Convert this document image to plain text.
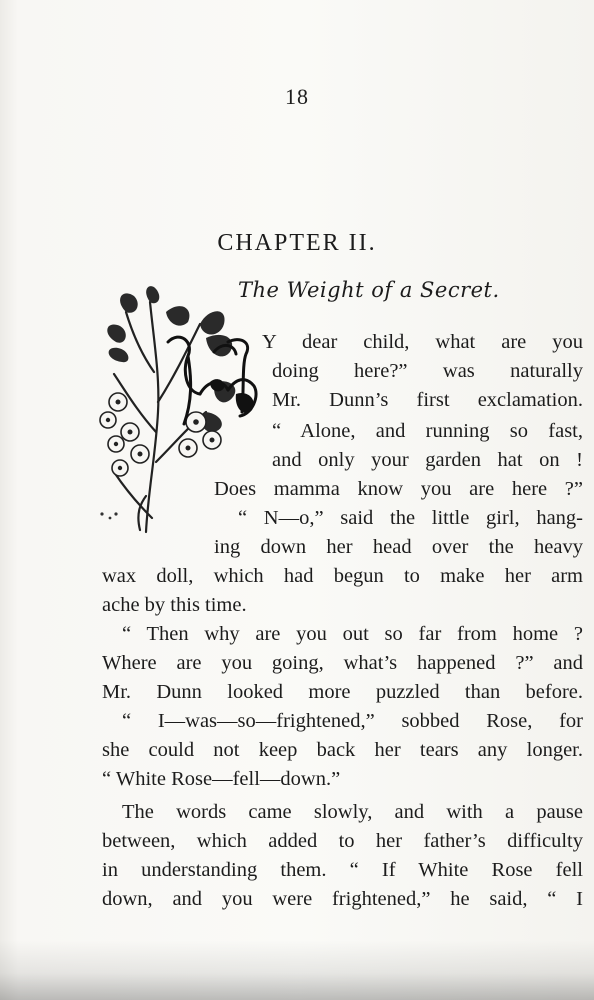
18
CHAPTER II.
The Weight of a Secret.
Y dear child, what are you
doing here?” was naturally
Mr. Dunn’s first exclamation.
“ Alone, and running so fast,
and only your garden hat on !
Does mamma know you are here ?”
“ N—o,” said the little girl, hang-
ing down her head over the heavy
wax doll, which had begun to make her arm
ache by this time.
“ Then why are you out so far from home ?
Where are you going, what’s happened ?” and
Mr. Dunn looked more puzzled than before.
“ I—was—so—frightened,” sobbed Rose, for
she could not keep back her tears any longer.
“ White Rose—fell—down.”
The words came slowly, and with a pause
between, which added to her father’s difficulty
in understanding them. “ If White Rose fell
down, and you were frightened,” he said, “ I
